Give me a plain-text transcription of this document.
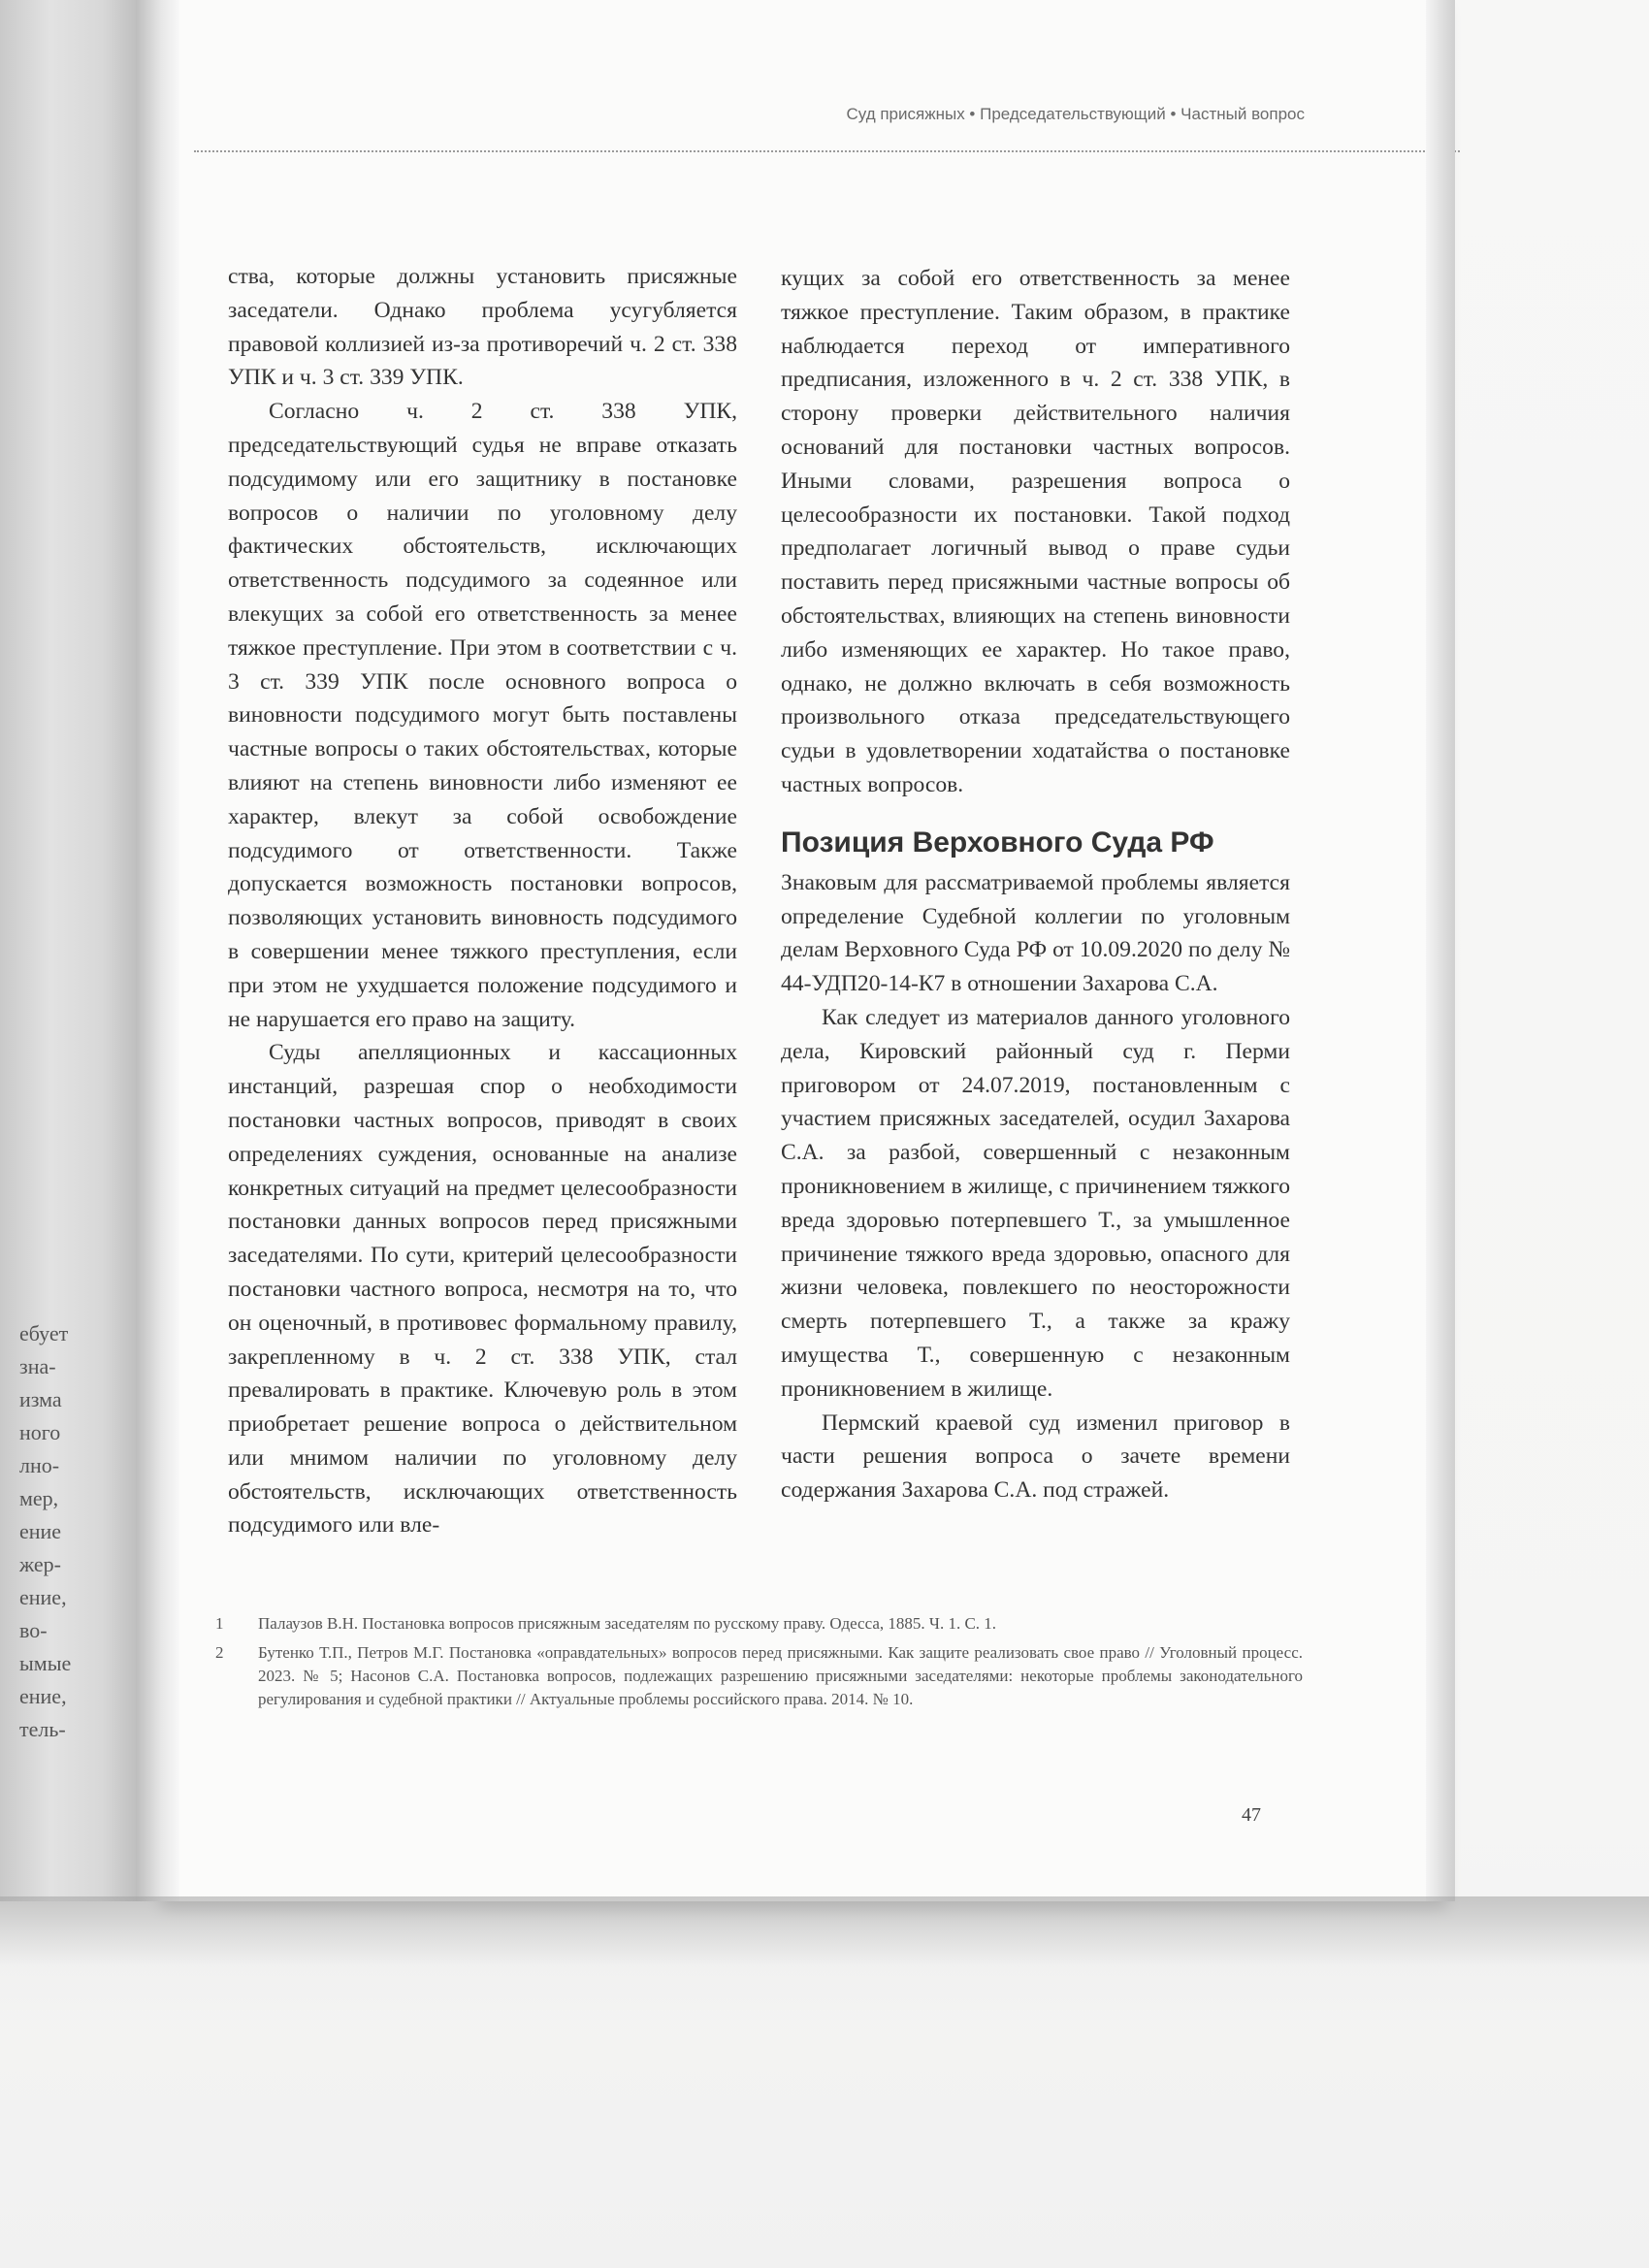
ебует
зна-
изма
ного
лно-
мер,
ение
жер-
ение,
во-
ымые
ение,
тель-
Суд присяжных • Председательствующий • Частный вопрос

ства, которые должны установить присяжные заседатели. Однако проблема усугубляется правовой коллизией из-за противоречий ч. 2 ст. 338 УПК и ч. 3 ст. 339 УПК.

Согласно ч. 2 ст. 338 УПК, председательствующий судья не вправе отказать подсудимому или его защитнику в постановке вопросов о наличии по уголовному делу фактических обстоятельств, исключающих ответственность подсудимого за содеянное или влекущих за собой его ответственность за менее тяжкое преступление. При этом в соответствии с ч. 3 ст. 339 УПК после основного вопроса о виновности подсудимого могут быть поставлены частные вопросы о таких обстоятельствах, которые влияют на степень виновности либо изменяют ее характер, влекут за собой освобождение подсудимого от ответственности. Также допускается возможность постановки вопросов, позволяющих установить виновность подсудимого в совершении менее тяжкого преступления, если при этом не ухудшается положение подсудимого и не нарушается его право на защиту.

Суды апелляционных и кассационных инстанций, разрешая спор о необходимости постановки частных вопросов, приводят в своих определениях суждения, основанные на анализе конкретных ситуаций на предмет целесообразности постановки данных вопросов перед присяжными заседателями. По сути, критерий целесообразности постановки частного вопроса, несмотря на то, что он оценочный, в противовес формальному правилу, закрепленному в ч. 2 ст. 338 УПК, стал превалировать в практике. Ключевую роль в этом приобретает решение вопроса о действительном или мнимом наличии по уголовному делу обстоятельств, исключающих ответственность подсудимого или вле-

кущих за собой его ответственность за менее тяжкое преступление. Таким образом, в практике наблюдается переход от императивного предписания, изложенного в ч. 2 ст. 338 УПК, в сторону проверки действительного наличия оснований для постановки частных вопросов. Иными словами, разрешения вопроса о целесообразности их постановки. Такой подход предполагает логичный вывод о праве судьи поставить перед присяжными частные вопросы об обстоятельствах, влияющих на степень виновности либо изменяющих ее характер. Но такое право, однако, не должно включать в себя возможность произвольного отказа председательствующего судьи в удовлетворении ходатайства о постановке частных вопросов.

Позиция Верховного Суда РФ

Знаковым для рассматриваемой проблемы является определение Судебной коллегии по уголовным делам Верховного Суда РФ от 10.09.2020 по делу № 44-УДП20-14-К7 в отношении Захарова С.А.

Как следует из материалов данного уголовного дела, Кировский районный суд г. Перми приговором от 24.07.2019, постановленным с участием присяжных заседателей, осудил Захарова С.А. за разбой, совершенный с незаконным проникновением в жилище, с причинением тяжкого вреда здоровью потерпевшего Т., за умышленное причинение тяжкого вреда здоровью, опасного для жизни человека, повлекшего по неосторожности смерть потерпевшего Т., а также за кражу имущества Т., совершенную с незаконным проникновением в жилище.

Пермский краевой суд изменил приговор в части решения вопроса о зачете времени содержания Захарова С.А. под стражей.

1	Палаузов В.Н. Постановка вопросов присяжным заседателям по русскому праву. Одесса, 1885. Ч. 1. С. 1.
2	Бутенко Т.П., Петров М.Г. Постановка «оправдательных» вопросов перед присяжными. Как защите реализовать свое право // Уголовный процесс. 2023. № 5; Насонов С.А. Постановка вопросов, подлежащих разрешению присяжными заседателями: некоторые проблемы законодательного регулирования и судебной практики // Актуальные проблемы российского права. 2014. № 10.
47
